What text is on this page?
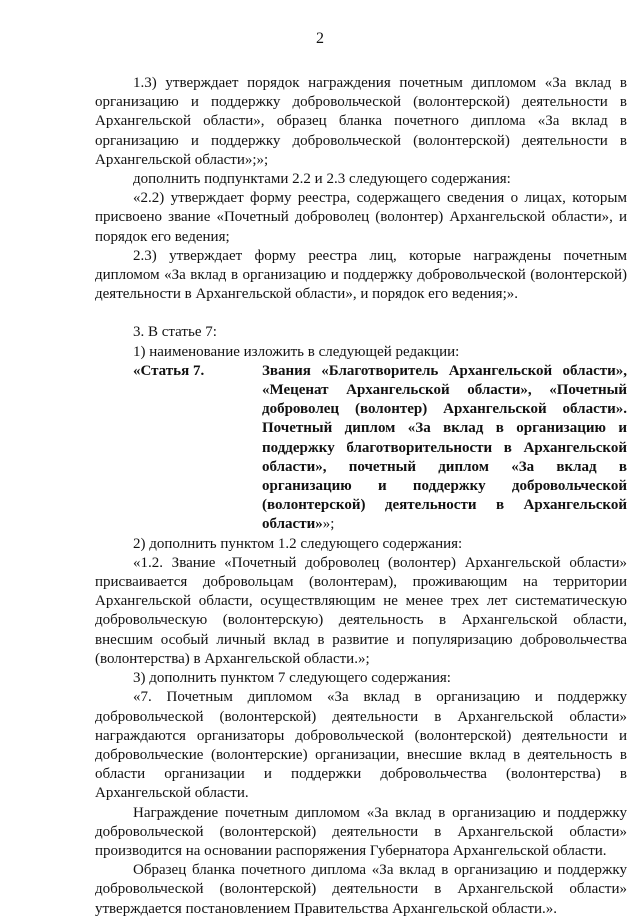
2

1.3) утверждает порядок награждения почетным дипломом «За вклад в организацию и поддержку добровольческой (волонтерской) деятельности в Архангельской области», образец бланка почетного диплома «За вклад в организацию и поддержку добровольческой (волонтерской) деятельности в Архангельской области»;»;

дополнить подпунктами 2.2 и 2.3 следующего содержания:

«2.2) утверждает форму реестра, содержащего сведения о лицах, которым присвоено звание «Почетный доброволец (волонтер) Архангельской области», и порядок его ведения;

2.3) утверждает форму реестра лиц, которые награждены почетным дипломом «За вклад в организацию и поддержку добровольческой (волонтерской) деятельности в Архангельской области», и порядок его ведения;».

3. В статье 7:

1) наименование изложить в следующей редакции:

«Статья 7.	Звания «Благотворитель Архангельской области», «Меценат Архангельской области», «Почетный доброволец (волонтер) Архангельской области». Почетный диплом «За вклад в организацию и поддержку благотворительности в Архангельской области», почетный диплом «За вклад в организацию и поддержку добровольческой (волонтерской) деятельности в Архангельской области»»;

2) дополнить пунктом 1.2 следующего содержания:

«1.2. Звание «Почетный доброволец (волонтер) Архангельской области» присваивается добровольцам (волонтерам), проживающим на территории Архангельской области, осуществляющим не менее трех лет систематическую добровольческую (волонтерскую) деятельность в Архангельской области, внесшим особый личный вклад в развитие и популяризацию добровольчества (волонтерства) в Архангельской области.»;

3) дополнить пунктом 7 следующего содержания:

«7. Почетным дипломом «За вклад в организацию и поддержку добровольческой (волонтерской) деятельности в Архангельской области» награждаются организаторы добровольческой (волонтерской) деятельности и добровольческие (волонтерские) организации, внесшие вклад в деятельность в области организации и поддержки добровольчества (волонтерства) в Архангельской области.

Награждение почетным дипломом «За вклад в организацию и поддержку добровольческой (волонтерской) деятельности в Архангельской области» производится на основании распоряжения Губернатора Архангельской области.

Образец бланка почетного диплома «За вклад в организацию и поддержку добровольческой (волонтерской) деятельности в Архангельской области» утверждается постановлением Правительства Архангельской области.».
